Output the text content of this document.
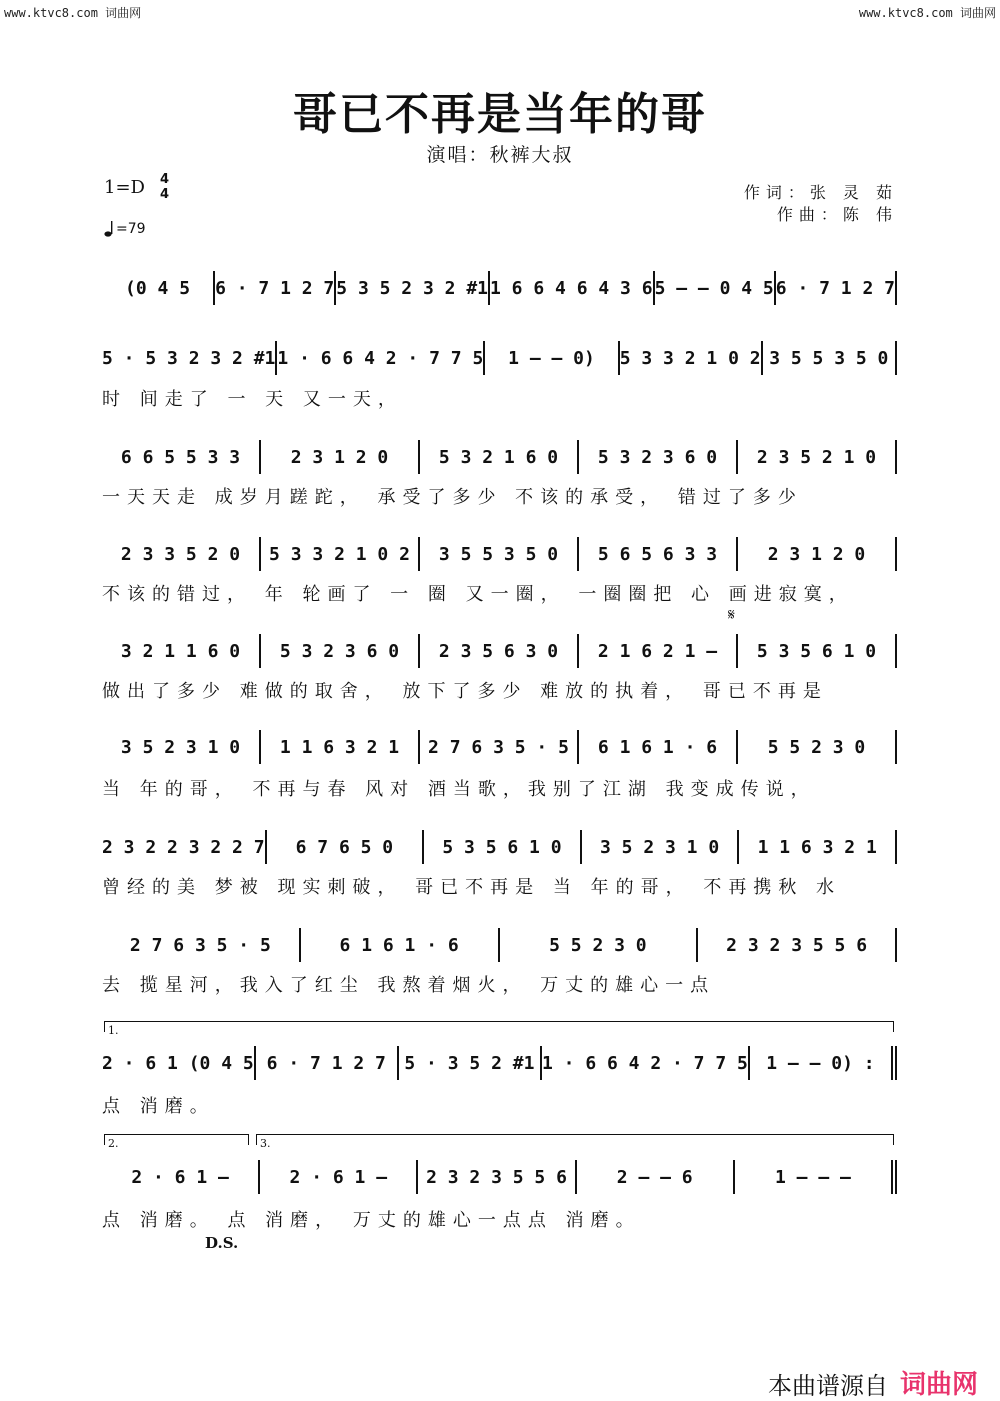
www.ktvc8.com 词曲网	www.ktvc8.com 词曲网
哥已不再是当年的哥
演唱：秋裤大叔
作词：张 灵 茹
作曲：陈 伟
1=D 4
4
=79
𝄋
1.
2.	3.
D.S.
(0 4 5	6 · 7 1 2 7 5 3 5 2 3 2 #1 1 6 6 4 6 4 3 6 5 – – 0 4 5 6 · 7 1 2 7
5 · 5 3 2 3 2 #1 1 · 6 6 4 2 · 7 7 5	1 – – 0)	5 3 3 2 1 0 2 3 5 5 3 5 0
时 间走了 一 天 又一天，
6 6 5 5 3 3	2 3 1 2 0	5 3 2 1 6 0	5 3 2 3 6 0	2 3 5 2 1 0
一天天走 成岁月蹉跎， 承受了多少 不该的承受， 错过了多少
2 3 3 5 2 0	5 3 3 2 1 0 2	3 5 5 3 5 0	5 6 5 6 3 3	2 3 1 2 0
不该的错过， 年 轮画了 一 圈 又一圈， 一圈圈把 心 画进寂寞，
3 2 1 1 6 0	5 3 2 3 6 0	2 3 5 6 3 0	2 1 6 2 1 –	5 3 5 6 1 0
做出了多少 难做的取舍， 放下了多少 难放的执着， 哥已不再是
3 5 2 3 1 0	1 1 6 3 2 1	2 7 6 3 5 · 5	6 1 6 1 · 6	5 5 2 3 0
当 年的哥， 不再与春 风对 酒当歌，我别了江湖 我变成传说，
2 3 2 2 3 2 2 7	6 7 6 5 0	5 3 5 6 1 0	3 5 2 3 1 0	1 1 6 3 2 1
曾经的美 梦被 现实刺破， 哥已不再是 当 年的哥， 不再携秋 水
2 7 6 3 5 · 5	6 1 6 1 · 6	5 5 2 3 0	2 3 2 3 5 5 6
去 揽星河，我入了红尘 我熬着烟火， 万丈的雄心一点
2 · 6 1 (0 4 5 6 · 7 1 2 7	5 · 3 5 2 #1 1 · 6 6 4 2 · 7 7 5	1 – – 0) :
点 消磨。
2 · 6 1 –	2 · 6 1 –	2 3 2 3 5 5 6	2 – – 6	1 – – –
点 消磨。 点 消磨， 万丈的雄心一点点 消磨。
本曲谱源自 词曲网
